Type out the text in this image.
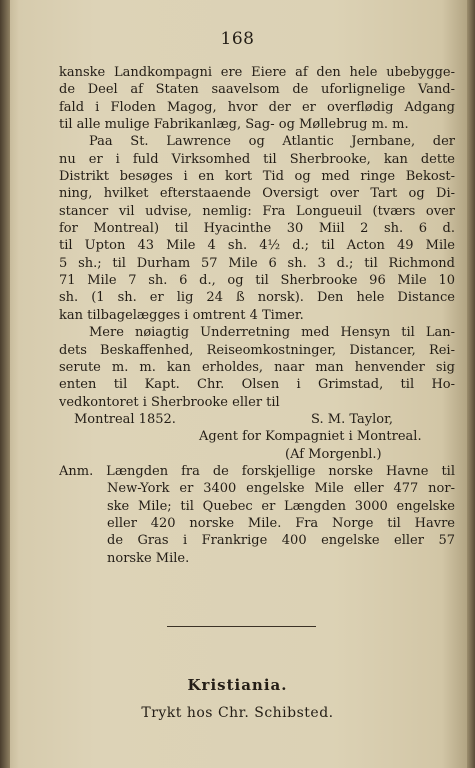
168
kanske Landkompagni ere Eiere af den hele ubebygge-
de Deel af Staten saavelsom de uforligneligе Vand-
fald i Floden Magog, hvor der er overflødig Adgang
til alle mulige Fabrikanlæg, Sag- og Møllebrug m. m.
Paa St. Lawrence og Atlantic Jernbane, der
nu er i fuld Virksomhed til Sherbrooke, kan dette
Distrikt besøges i en kort Tid og med ringe Bekost-
ning, hvilket efterstaaende Oversigt over Tart og Di-
stancer vil udvise, nemlig: Fra Longueuil (tværs over
for Montreal) til Hyacinthe 30 Miil 2 sh. 6 d.
til Upton 43 Mile 4 sh. 4½ d.; til Acton 49 Mile
5 sh.; til Durham 57 Mile 6 sh. 3 d.; til Richmond
71 Mile 7 sh. 6 d., og til Sherbrooke 96 Mile 10
sh. (1 sh. er lig 24 ß norsk). Den hele Distance
kan tilbagelægges i omtrent 4 Timer.
Mere nøiagtig Underretning med Hensyn til Lan-
dets Beskaffenhed, Reiseomkostninger, Distancer, Rei-
serute m. m. kan erholdes, naar man henvender sig
enten til Kapt. Chr. Olsen i Grimstad, til Ho-
vedkontoret i Sherbrooke eller til
Montreal 1852.	S. M. Taylor,
Agent for Kompagniet i Montreal.
(Af Morgenbl.)
Anm. Længden fra de forskjellige norske Havne til
New-York er 3400 engelske Mile eller 477 nor-
ske Mile; til Quebec er Længden 3000 engelske
eller 420 norske Mile. Fra Norge til Havre
de Gras i Frankrige 400 engelske eller 57
norske Mile.
Kristiania.
Trykt hos Chr. Schibsted.
